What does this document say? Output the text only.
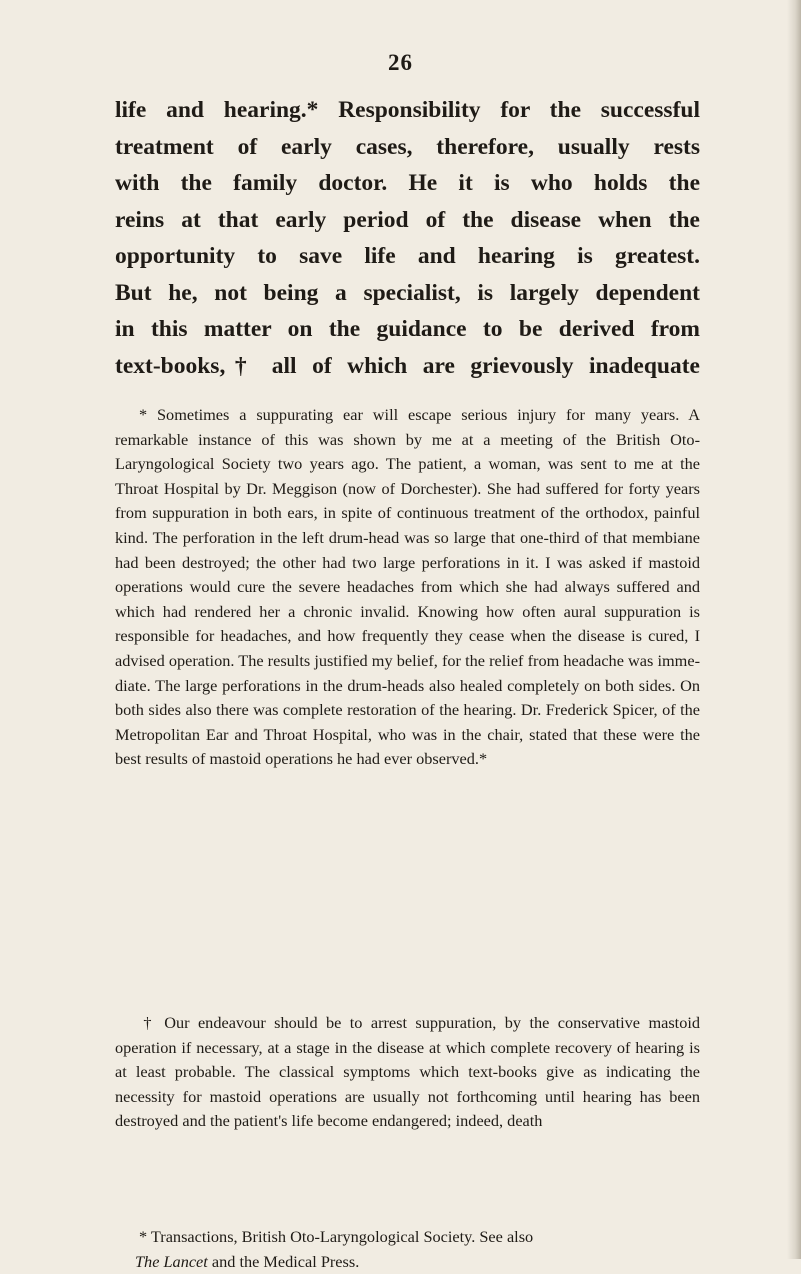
26

life and hearing.* Responsibility for the successful
treatment of early cases, therefore, usually rests
with the family doctor. He it is who holds the
reins at that early period of the disease when the
opportunity to save life and hearing is greatest.
But he, not being a specialist, is largely dependent
in this matter on the guidance to be derived from
text-books,† all of which are grievously inadequate

* Sometimes a suppurating ear will escape serious injury for many years. A remarkable instance of this was shown by me at a meeting of the British Oto-Laryngological Society two years ago. The patient, a woman, was sent to me at the Throat Hospital by Dr. Meggison (now of Dorchester). She had suffered for forty years from suppuration in both ears, in spite of continuous treatment of the orthodox, painful kind. The perforation in the left drum-head was so large that one-third of that membiane had been destroyed; the other had two large perforations in it. I was asked if mastoid operations would cure the severe headaches from which she had always suffered and which had rendered her a chronic invalid. Knowing how often aural suppuration is responsible for headaches, and how frequently they cease when the disease is cured, I advised operation. The results justified my belief, for the relief from headache was imme-diate. The large perforations in the drum-heads also healed completely on both sides. On both sides also there was complete restoration of the hearing. Dr. Frederick Spicer, of the Metropolitan Ear and Throat Hospital, who was in the chair, stated that these were the best results of mastoid operations he had ever observed.*

† Our endeavour should be to arrest suppuration, by the conservative mastoid operation if necessary, at a stage in the disease at which complete recovery of hearing is at least probable. The classical symptoms which text-books give as indicating the necessity for mastoid operations are usually not forthcoming until hearing has been destroyed and the patient's life become endangered; indeed, death

* Transactions, British Oto-Laryngological Society. See also
The Lancet and the Medical Press.
